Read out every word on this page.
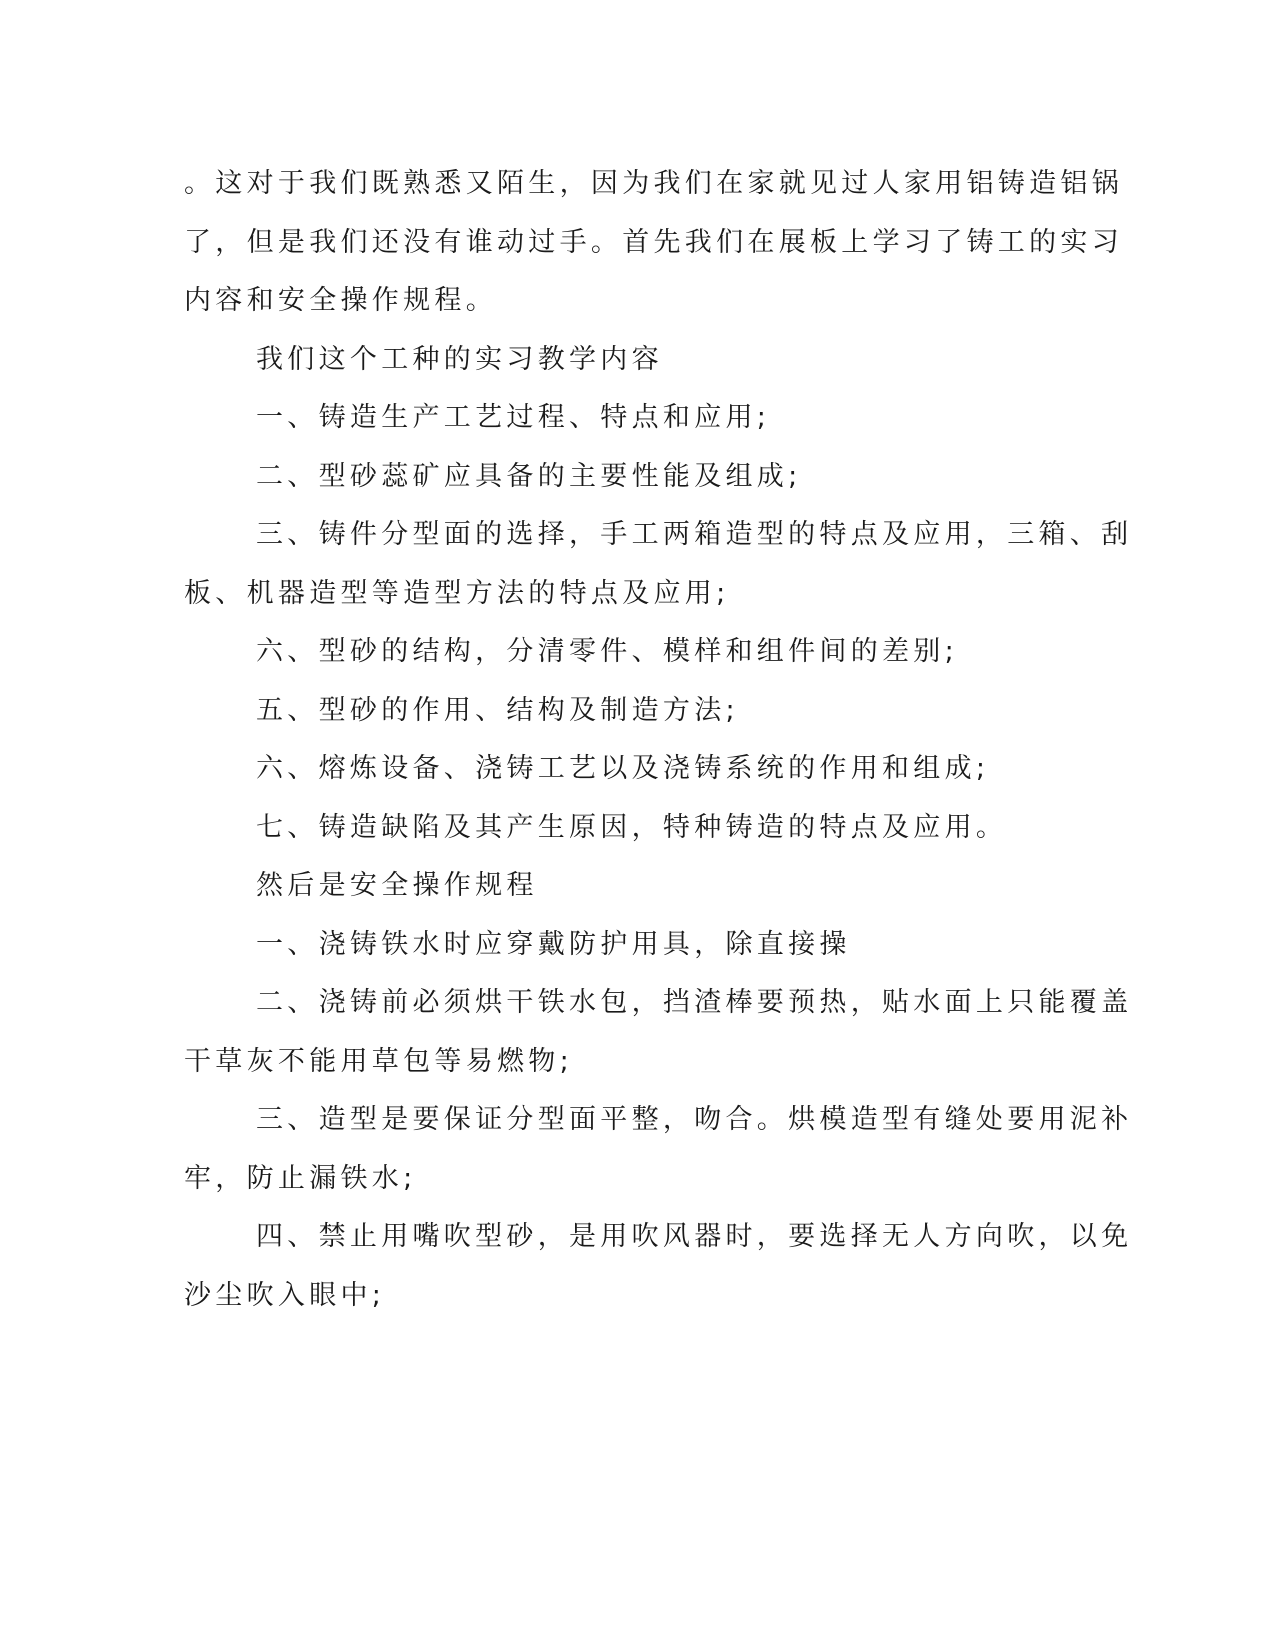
。这对于我们既熟悉又陌生，因为我们在家就见过人家用铝铸造铝锅

了，但是我们还没有谁动过手。首先我们在展板上学习了铸工的实习

内容和安全操作规程。

我们这个工种的实习教学内容

一、铸造生产工艺过程、特点和应用;

二、型砂蕊矿应具备的主要性能及组成;

三、铸件分型面的选择，手工两箱造型的特点及应用，三箱、刮

板、机器造型等造型方法的特点及应用;

六、型砂的结构，分清零件、模样和组件间的差别;

五、型砂的作用、结构及制造方法;

六、熔炼设备、浇铸工艺以及浇铸系统的作用和组成;

七、铸造缺陷及其产生原因，特种铸造的特点及应用。

然后是安全操作规程

一、浇铸铁水时应穿戴防护用具，除直接操

二、浇铸前必须烘干铁水包，挡渣棒要预热，贴水面上只能覆盖

干草灰不能用草包等易燃物;

三、造型是要保证分型面平整，吻合。烘模造型有缝处要用泥补

牢，防止漏铁水;

四、禁止用嘴吹型砂，是用吹风器时，要选择无人方向吹，以免

沙尘吹入眼中;
